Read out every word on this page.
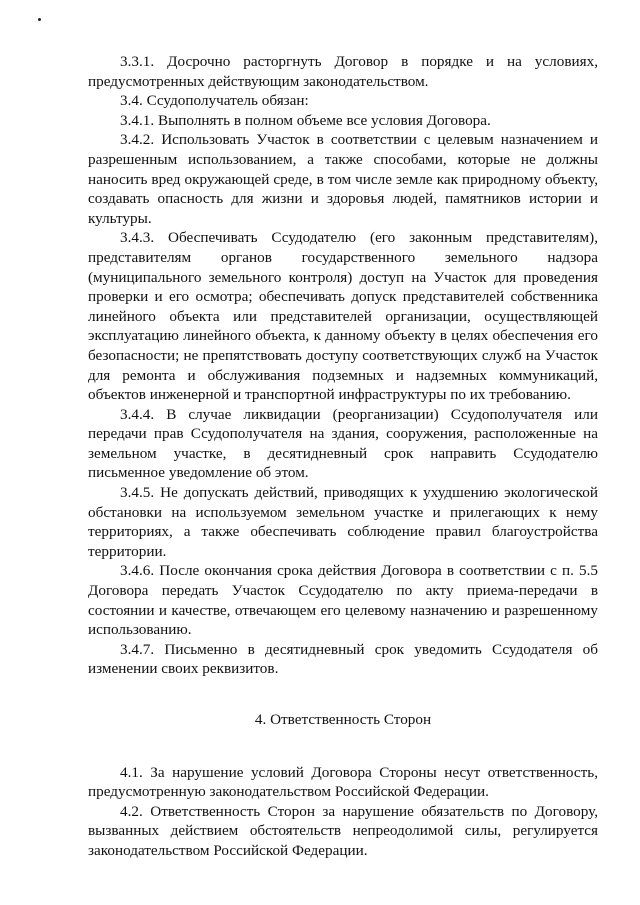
3.3.1. Досрочно расторгнуть Договор в порядке и на условиях, предусмотренных действующим законодательством.

3.4. Ссудополучатель обязан:

3.4.1. Выполнять в полном объеме все условия Договора.

3.4.2. Использовать Участок в соответствии с целевым назначением и разрешенным использованием, а также способами, которые не должны наносить вред окружающей среде, в том числе земле как природному объекту, создавать опасность для жизни и здоровья людей, памятников истории и культуры.

3.4.3. Обеспечивать Ссудодателю (его законным представителям), представителям органов государственного земельного надзора (муниципального земельного контроля) доступ на Участок для проведения проверки и его осмотра; обеспечивать допуск представителей собственника линейного объекта или представителей организации, осуществляющей эксплуатацию линейного объекта, к данному объекту в целях обеспечения его безопасности; не препятствовать доступу соответствующих служб на Участок для ремонта и обслуживания подземных и надземных коммуникаций, объектов инженерной и транспортной инфраструктуры по их требованию.

3.4.4. В случае ликвидации (реорганизации) Ссудополучателя или передачи прав Ссудополучателя на здания, сооружения, расположенные на земельном участке, в десятидневный срок направить Ссудодателю письменное уведомление об этом.

3.4.5. Не допускать действий, приводящих к ухудшению экологической обстановки на используемом земельном участке и прилегающих к нему территориях, а также обеспечивать соблюдение правил благоустройства территории.

3.4.6. После окончания срока действия Договора в соответствии с п. 5.5 Договора передать Участок Ссудодателю по акту приема-передачи в состоянии и качестве, отвечающем его целевому назначению и разрешенному использованию.

3.4.7. Письменно в десятидневный срок уведомить Ссудодателя об изменении своих реквизитов.

4. Ответственность Сторон

4.1. За нарушение условий Договора Стороны несут ответственность, предусмотренную законодательством Российской Федерации.

4.2. Ответственность Сторон за нарушение обязательств по Договору, вызванных действием обстоятельств непреодолимой силы, регулируется законодательством Российской Федерации.
